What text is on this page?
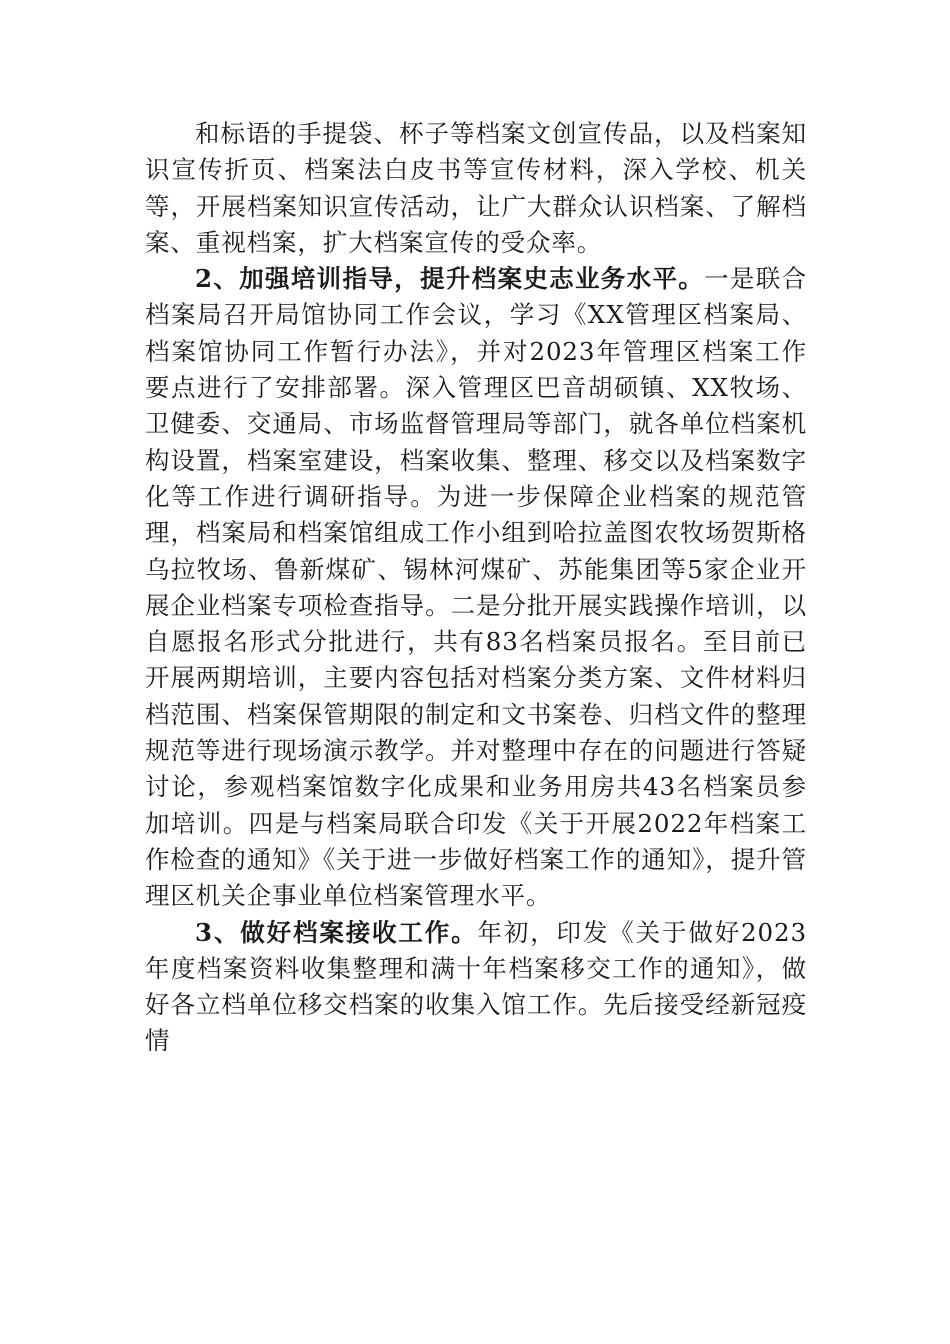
和标语的手提袋、杯子等档案文创宣传品，以及档案知识宣传折页、档案法白皮书等宣传材料，深入学校、机关等，开展档案知识宣传活动，让广大群众认识档案、了解档案、重视档案，扩大档案宣传的受众率。

2、加强培训指导，提升档案史志业务水平。一是联合档案局召开局馆协同工作会议，学习《XX管理区档案局、档案馆协同工作暂行办法》，并对2023年管理区档案工作要点进行了安排部署。深入管理区巴音胡硕镇、XX牧场、卫健委、交通局、市场监督管理局等部门，就各单位档案机构设置，档案室建设，档案收集、整理、移交以及档案数字化等工作进行调研指导。为进一步保障企业档案的规范管理，档案局和档案馆组成工作小组到哈拉盖图农牧场贺斯格乌拉牧场、鲁新煤矿、锡林河煤矿、苏能集团等5家企业开展企业档案专项检查指导。二是分批开展实践操作培训，以自愿报名形式分批进行，共有83名档案员报名。至目前已开展两期培训，主要内容包括对档案分类方案、文件材料归档范围、档案保管期限的制定和文书案卷、归档文件的整理规范等进行现场演示教学。并对整理中存在的问题进行答疑讨论，参观档案馆数字化成果和业务用房共43名档案员参加培训。四是与档案局联合印发《关于开展2022年档案工作检查的通知》《关于进一步做好档案工作的通知》，提升管理区机关企事业单位档案管理水平。

3、做好档案接收工作。年初，印发《关于做好2023年度档案资料收集整理和满十年档案移交工作的通知》，做好各立档单位移交档案的收集入馆工作。先后接受经新冠疫情
